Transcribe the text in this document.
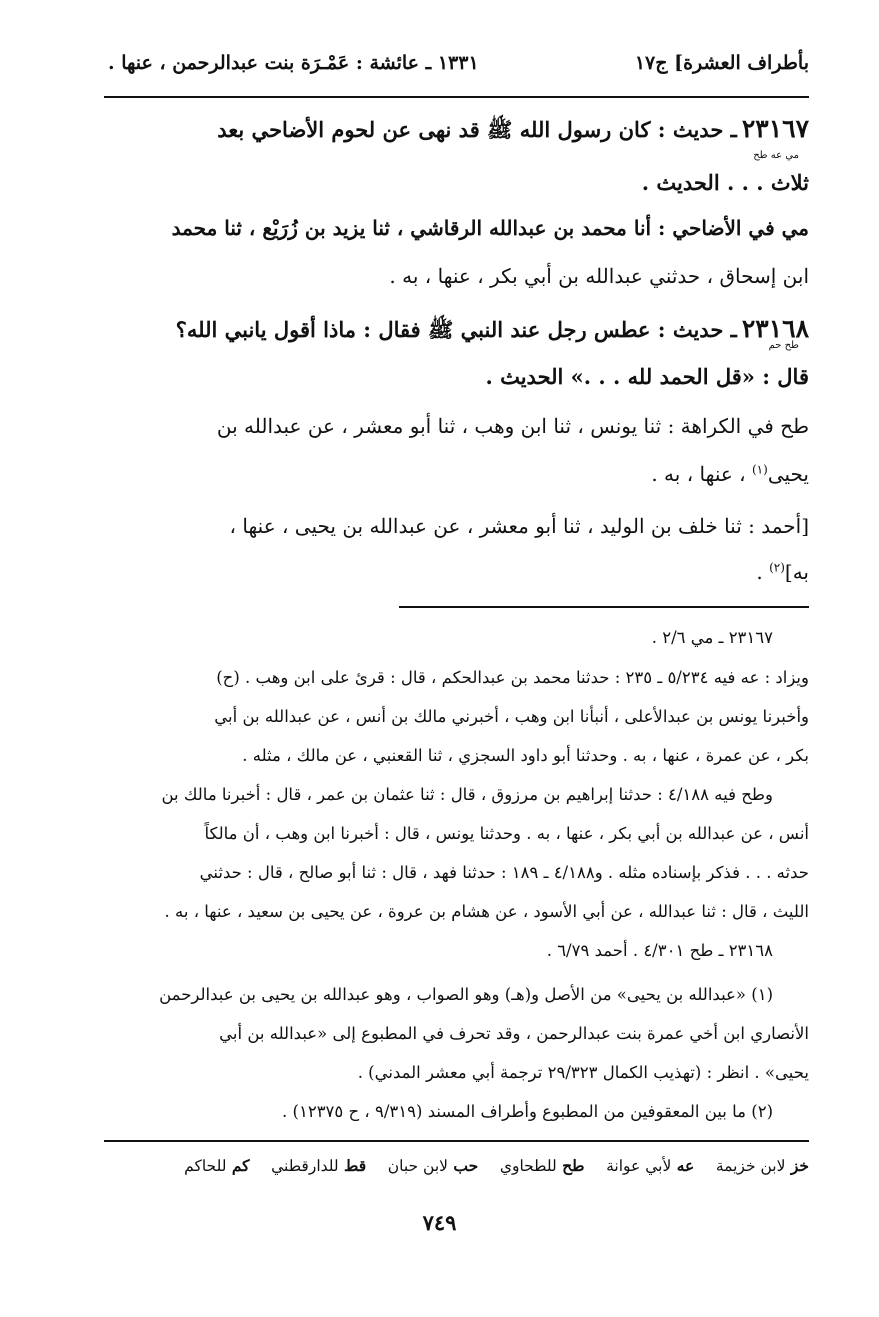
بأطراف العشرة] ج١٧

١٣٣١ ـ عائشة : عَمْـرَة بنت عبدالرحمن ، عنها .

٢٣١٦٧ ـ حديث : كان رسول الله ﷺ قد نهى عن لحوم الأضاحي بعد

مي عه طح

ثلاث . . . الحديث .

مي في الأضاحي : أنا محمد بن عبدالله الرقاشي ، ثنا يزيد بن زُرَيْع ، ثنا محمد

ابن إسحاق ، حدثني عبدالله بن أبي بكر ، عنها ، به .

٢٣١٦٨ ـ حديث : عطس رجل عند النبي ﷺ فقال : ماذا أقول يانبي الله؟

طح حم

قال : «قل الحمد لله . . .» الحديث .

طح في الكراهة : ثنا يونس ، ثنا ابن وهب ، ثنا أبو معشر ، عن عبدالله بن

يحيى$^{(١)}$ ، عنها ، به .

[أحمد : ثنا خلف بن الوليد ، ثنا أبو معشر ، عن عبدالله بن يحيى ، عنها ،

به]$^{(٢)}$ .

٢٣١٦٧ ـ مي ٢/٦ .

ويزاد : عه فيه ٥/٢٣٤ ـ ٢٣٥ : حدثنا محمد بن عبدالحكم ، قال : قرئ على ابن وهب . (ح)

وأخبرنا يونس بن عبدالأعلى ، أنبأنا ابن وهب ، أخبرني مالك بن أنس ، عن عبدالله بن أبي

بكر ، عن عمرة ، عنها ، به . وحدثنا أبو داود السجزي ، ثنا القعنبي ، عن مالك ، مثله .

وطح فيه ٤/١٨٨ : حدثنا إبراهيم بن مرزوق ، قال : ثنا عثمان بن عمر ، قال : أخبرنا مالك بن

أنس ، عن عبدالله بن أبي بكر ، عنها ، به . وحدثنا يونس ، قال : أخبرنا ابن وهب ، أن مالكاً

حدثه . . . فذكر بإسناده مثله . و٤/١٨٨ ـ ١٨٩ : حدثنا فهد ، قال : ثنا أبو صالح ، قال : حدثني

الليث ، قال : ثنا عبدالله ، عن أبي الأسود ، عن هشام بن عروة ، عن يحيى بن سعيد ، عنها ، به .

٢٣١٦٨ ـ طح ٤/٣٠١ . أحمد ٦/٧٩ .

(١) «عبدالله بن يحيى» من الأصل و(هـ) وهو الصواب ، وهو عبدالله بن يحيى بن عبدالرحمن

الأنصاري ابن أخي عمرة بنت عبدالرحمن ، وقد تحرف في المطبوع إلى «عبدالله بن أبي

يحيى» . انظر : (تهذيب الكمال ٢٩/٣٢٣ ترجمة أبي معشر المدني) .

(٢) ما بين المعقوفين من المطبوع وأطراف المسند (٩/٣١٩ ، ح ١٢٣٧٥) .

خز لابن خزيمة    عه لأبي عوانة    طح للطحاوي    حب لابن حبان    قط للدارقطني    كم للحاكم

٧٤٩
